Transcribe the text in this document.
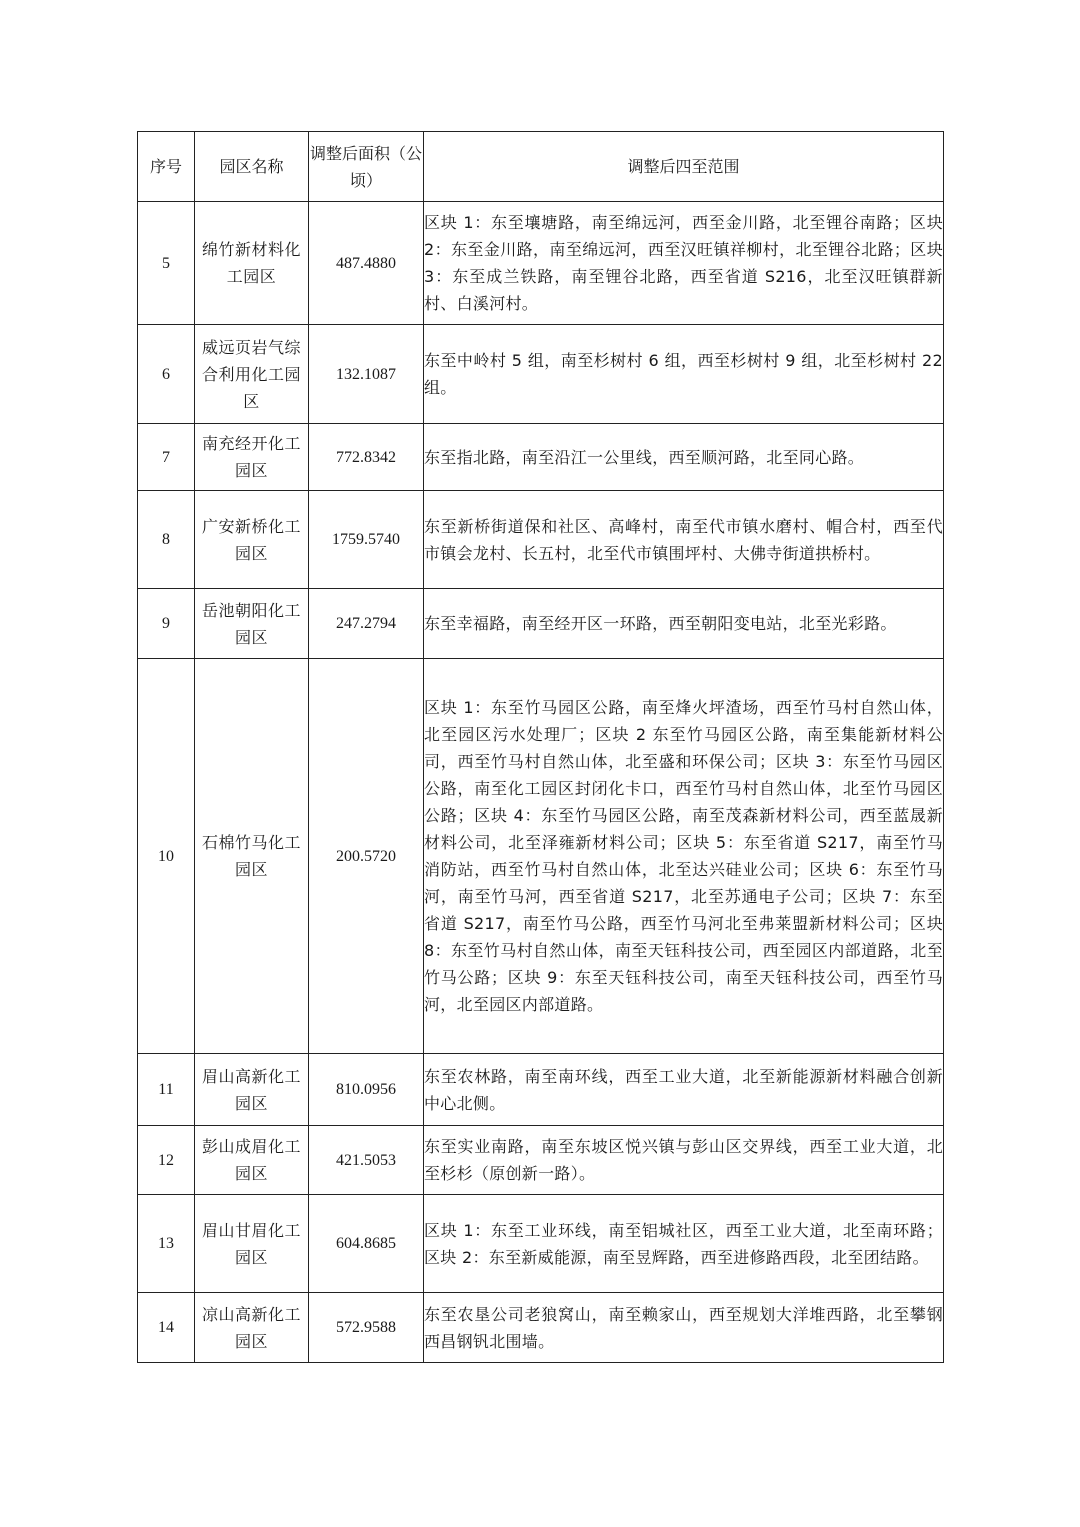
序号	园区名称	调整后面积（公顷）	调整后四至范围
5	绵竹新材料化工园区	487.4880	区块 1：东至壤塘路，南至绵远河，西至金川路，北至锂谷南路；区块 2：东至金川路，南至绵远河，西至汉旺镇祥柳村，北至锂谷北路；区块 3：东至成兰铁路，南至锂谷北路，西至省道 S216，北至汉旺镇群新村、白溪河村。
6	威远页岩气综合利用化工园区	132.1087	东至中岭村 5 组，南至杉树村 6 组，西至杉树村 9 组，北至杉树村 22 组。
7	南充经开化工园区	772.8342	东至指北路，南至沿江一公里线，西至顺河路，北至同心路。
8	广安新桥化工园区	1759.5740	东至新桥街道保和社区、高峰村，南至代市镇水磨村、帽合村，西至代市镇会龙村、长五村，北至代市镇围坪村、大佛寺街道拱桥村。
9	岳池朝阳化工园区	247.2794	东至幸福路，南至经开区一环路，西至朝阳变电站，北至光彩路。
10	石棉竹马化工园区	200.5720	区块 1：东至竹马园区公路，南至烽火坪渣场，西至竹马村自然山体，北至园区污水处理厂；区块 2 东至竹马园区公路，南至集能新材料公司，西至竹马村自然山体，北至盛和环保公司；区块 3：东至竹马园区公路，南至化工园区封闭化卡口，西至竹马村自然山体，北至竹马园区公路；区块 4：东至竹马园区公路，南至茂森新材料公司，西至蓝晟新材料公司，北至泽雍新材料公司；区块 5：东至省道 S217，南至竹马消防站，西至竹马村自然山体，北至达兴硅业公司；区块 6：东至竹马河，南至竹马河，西至省道 S217，北至苏通电子公司；区块 7：东至省道 S217，南至竹马公路，西至竹马河北至弗莱盟新材料公司；区块 8：东至竹马村自然山体，南至天钰科技公司，西至园区内部道路，北至竹马公路；区块 9：东至天钰科技公司，南至天钰科技公司，西至竹马河，北至园区内部道路。
11	眉山高新化工园区	810.0956	东至农林路，南至南环线，西至工业大道，北至新能源新材料融合创新中心北侧。
12	彭山成眉化工园区	421.5053	东至实业南路，南至东坡区悦兴镇与彭山区交界线，西至工业大道，北至杉杉（原创新一路）。
13	眉山甘眉化工园区	604.8685	区块 1：东至工业环线，南至铝城社区，西至工业大道，北至南环路；区块 2：东至新威能源，南至昱辉路，西至进修路西段，北至团结路。
14	凉山高新化工园区	572.9588	东至农垦公司老狼窝山，南至赖家山，西至规划大洋堆西路，北至攀钢西昌钢钒北围墙。
